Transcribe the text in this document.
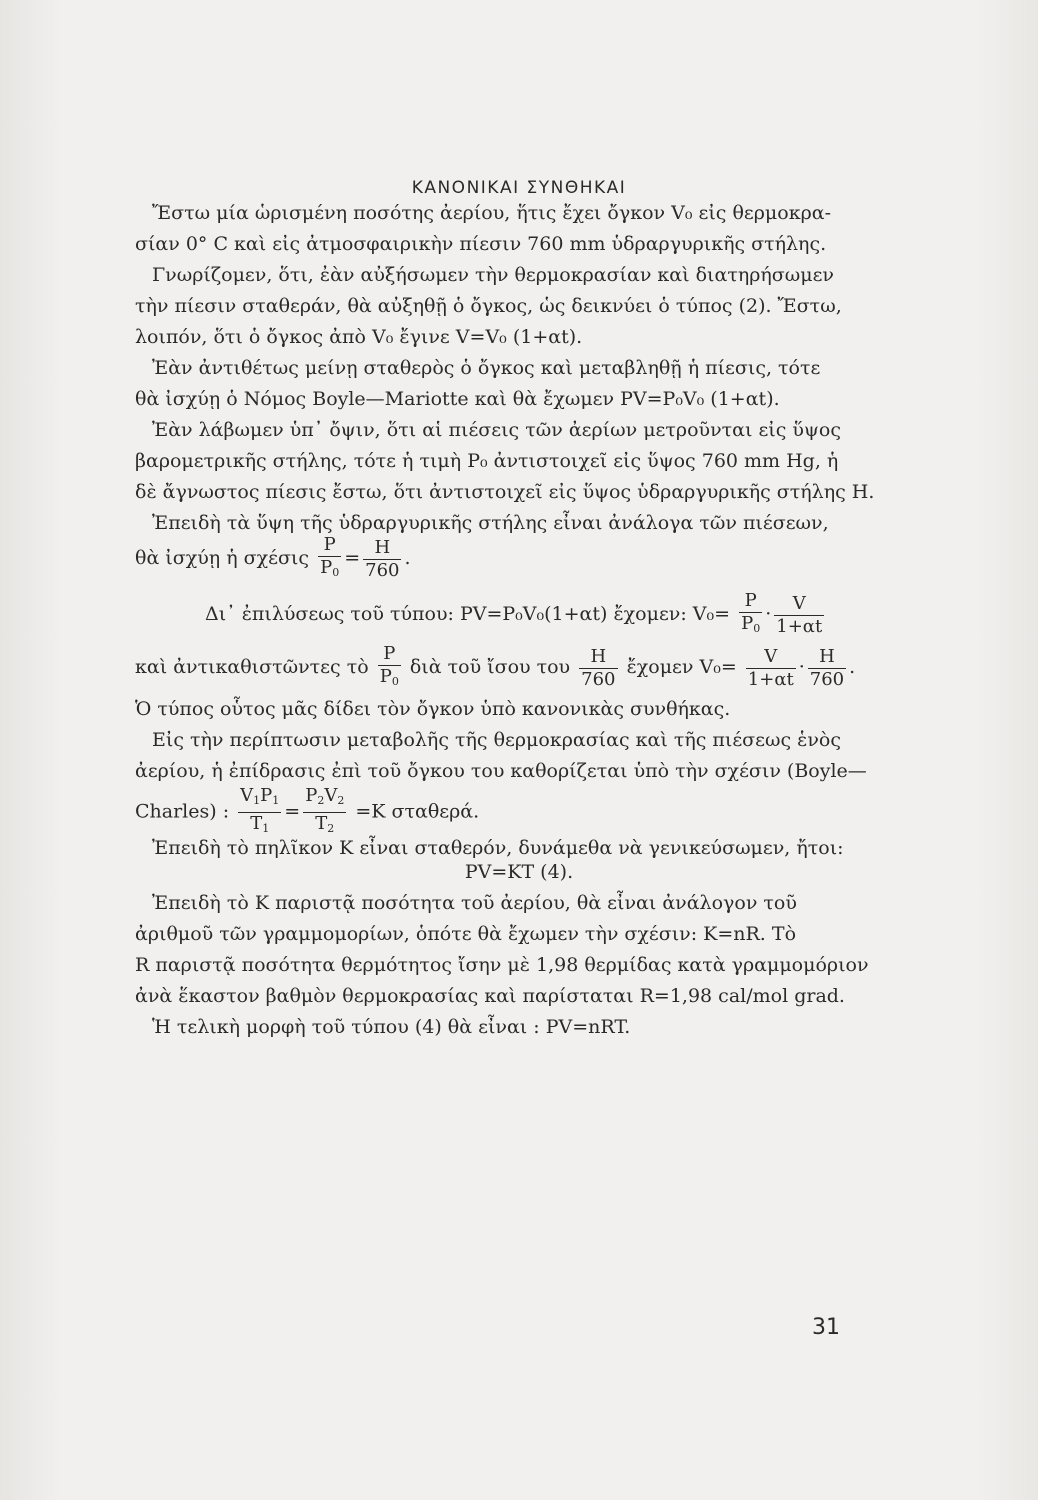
ΚΑΝΟΝΙΚΑΙ ΣΥΝΘΗΚΑΙ
Ἔστω μία ὡρισμένη ποσότης ἀερίου, ἥτις ἔχει ὄγκον V₀ εἰς θερμοκρα-
σίαν 0° C καὶ εἰς ἀτμοσφαιρικὴν πίεσιν 760 mm ὑδραργυρικῆς στήλης.
Γνωρίζομεν, ὅτι, ἐὰν αὐξήσωμεν τὴν θερμοκρασίαν καὶ διατηρήσωμεν
τὴν πίεσιν σταθεράν, θὰ αὐξηθῇ ὁ ὄγκος, ὡς δεικνύει ὁ τύπος (2). Ἔστω,
λοιπόν, ὅτι ὁ ὄγκος ἀπὸ V₀ ἔγινε V=V₀ (1+αt).
Ἐὰν ἀντιθέτως μείνῃ σταθερὸς ὁ ὄγκος καὶ μεταβληθῇ ἡ πίεσις, τότε
θὰ ἰσχύῃ ὁ Νόμος Boyle—Mariotte καὶ θὰ ἔχωμεν PV=P₀V₀ (1+αt).
Ἐὰν λάβωμεν ὑπ᾽ ὄψιν, ὅτι αἱ πιέσεις τῶν ἀερίων μετροῦνται εἰς ὕψος
βαρομετρικῆς στήλης, τότε ἡ τιμὴ P₀ ἀντιστοιχεῖ εἰς ὕψος 760 mm Hg, ἡ
δὲ ἄγνωστος πίεσις ἔστω, ὅτι ἀντιστοιχεῖ εἰς ὕψος ὑδραργυρικῆς στήλης H.
Ἐπειδὴ τὰ ὕψη τῆς ὑδραργυρικῆς στήλης εἶναι ἀνάλογα τῶν πιέσεων,
θὰ ἰσχύῃ ἡ σχέσις $\frac{P}{P_0} = \frac{H}{760}$ .
Δι᾽ ἐπιλύσεως τοῦ τύπου: PV=P₀V₀(1+αt) ἔχομεν: $V_0= \frac{P}{P_0} \cdot \frac{V}{1+\alpha t}$
καὶ ἀντικαθιστῶντες τὸ $\frac{P}{P_0}$ διὰ τοῦ ἴσου του $\frac{H}{760}$ ἔχομεν $V_0= \frac{V}{1+\alpha t} \cdot \frac{H}{760}$ .
Ὁ τύπος οὗτος μᾶς δίδει τὸν ὄγκον ὑπὸ κανονικὰς συνθήκας.
Εἰς τὴν περίπτωσιν μεταβολῆς τῆς θερμοκρασίας καὶ τῆς πιέσεως ἑνὸς
ἀερίου, ἡ ἐπίδρασις ἐπὶ τοῦ ὄγκου του καθορίζεται ὑπὸ τὴν σχέσιν (Boyle—
Charles) : $\frac{V_1P_1}{T_1} = \frac{P_2V_2}{T_2} =K$ σταθερά.
Ἐπειδὴ τὸ πηλῖκον K εἶναι σταθερόν, δυνάμεθα νὰ γενικεύσωμεν, ἤτοι:
PV=KT (4).
Ἐπειδὴ τὸ K παριστᾷ ποσότητα τοῦ ἀερίου, θὰ εἶναι ἀνάλογον τοῦ
ἀριθμοῦ τῶν γραμμομορίων, ὁπότε θὰ ἔχωμεν τὴν σχέσιν: K=nR. Τὸ
R παριστᾷ ποσότητα θερμότητος ἴσην μὲ 1,98 θερμίδας κατὰ γραμμομόριον
ἀνὰ ἕκαστον βαθμὸν θερμοκρασίας καὶ παρίσταται R=1,98 cal/mol grad.
Ἡ τελικὴ μορφὴ τοῦ τύπου (4) θὰ εἶναι : PV=nRT.
31
